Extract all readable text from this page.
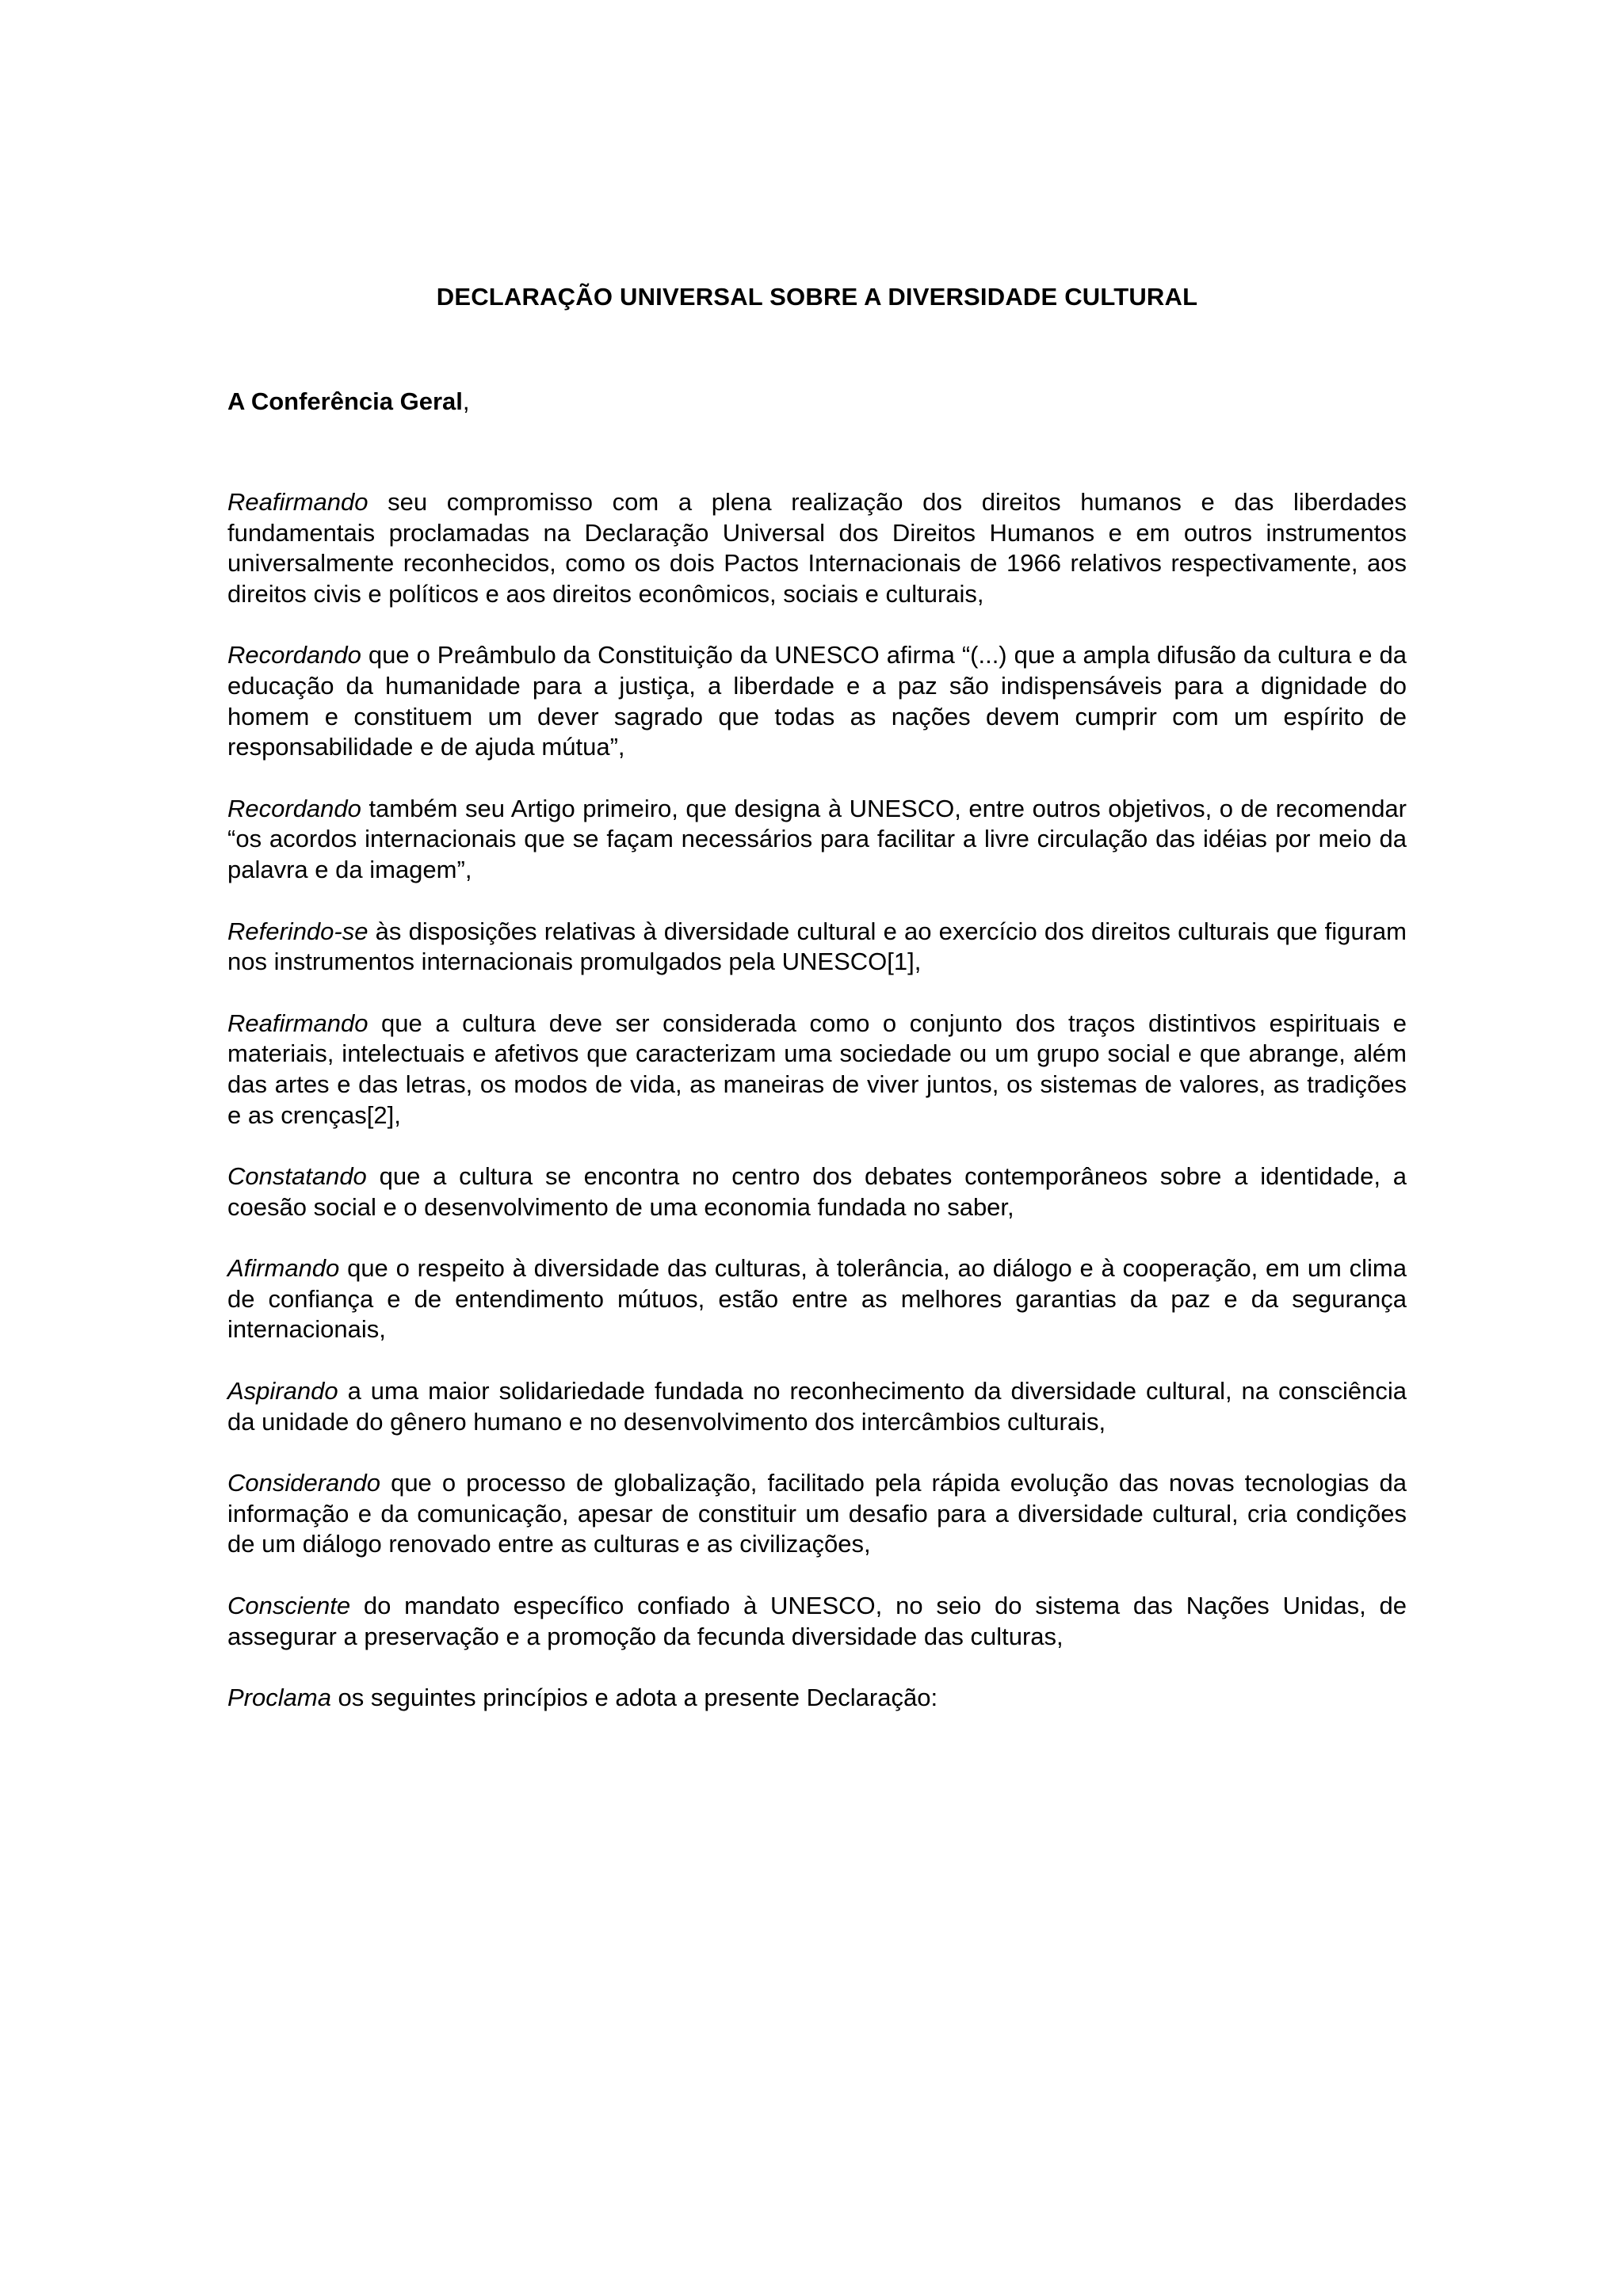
DECLARAÇÃO UNIVERSAL SOBRE A DIVERSIDADE CULTURAL

A Conferência Geral,

Reafirmando seu compromisso com a plena realização dos direitos humanos e das liberdades fundamentais proclamadas na Declaração Universal dos Direitos Humanos e em outros instrumentos universalmente reconhecidos, como os dois Pactos Internacionais de 1966 relativos respectivamente, aos direitos civis e políticos e aos direitos econômicos, sociais e culturais,

Recordando que o Preâmbulo da Constituição da UNESCO afirma “(...) que a ampla difusão da cultura e da educação da humanidade para a justiça, a liberdade e a paz são indispensáveis para a dignidade do homem e constituem um dever sagrado que todas as nações devem cumprir com um espírito de responsabilidade e de ajuda mútua”,

Recordando também seu Artigo primeiro, que designa à UNESCO, entre outros objetivos, o de recomendar “os acordos internacionais que se façam necessários para facilitar a livre circulação das idéias por meio da palavra e da imagem”,

Referindo-se às disposições relativas à diversidade cultural e ao exercício dos direitos culturais que figuram nos instrumentos internacionais promulgados pela UNESCO[1],

Reafirmando que a cultura deve ser considerada como o conjunto dos traços distintivos espirituais e materiais, intelectuais e afetivos que caracterizam uma sociedade ou um grupo social e que abrange, além das artes e das letras, os modos de vida, as maneiras de viver juntos, os sistemas de valores, as tradições e as crenças[2],

Constatando que a cultura se encontra no centro dos debates contemporâneos sobre a identidade, a coesão social e o desenvolvimento de uma economia fundada no saber,

Afirmando que o respeito à diversidade das culturas, à tolerância, ao diálogo e à cooperação, em um clima de confiança e de entendimento mútuos, estão entre as melhores garantias da paz e da segurança internacionais,

Aspirando a uma maior solidariedade fundada no reconhecimento da diversidade cultural, na consciência da unidade do gênero humano e no desenvolvimento dos intercâmbios culturais,

Considerando que o processo de globalização, facilitado pela rápida evolução das novas tecnologias da informação e da comunicação, apesar de constituir um desafio para a diversidade cultural, cria condições de um diálogo renovado entre as culturas e as civilizações,

Consciente do mandato específico confiado à UNESCO, no seio do sistema das Nações Unidas, de assegurar a preservação e a promoção da fecunda diversidade das culturas,

Proclama os seguintes princípios e adota a presente Declaração:
